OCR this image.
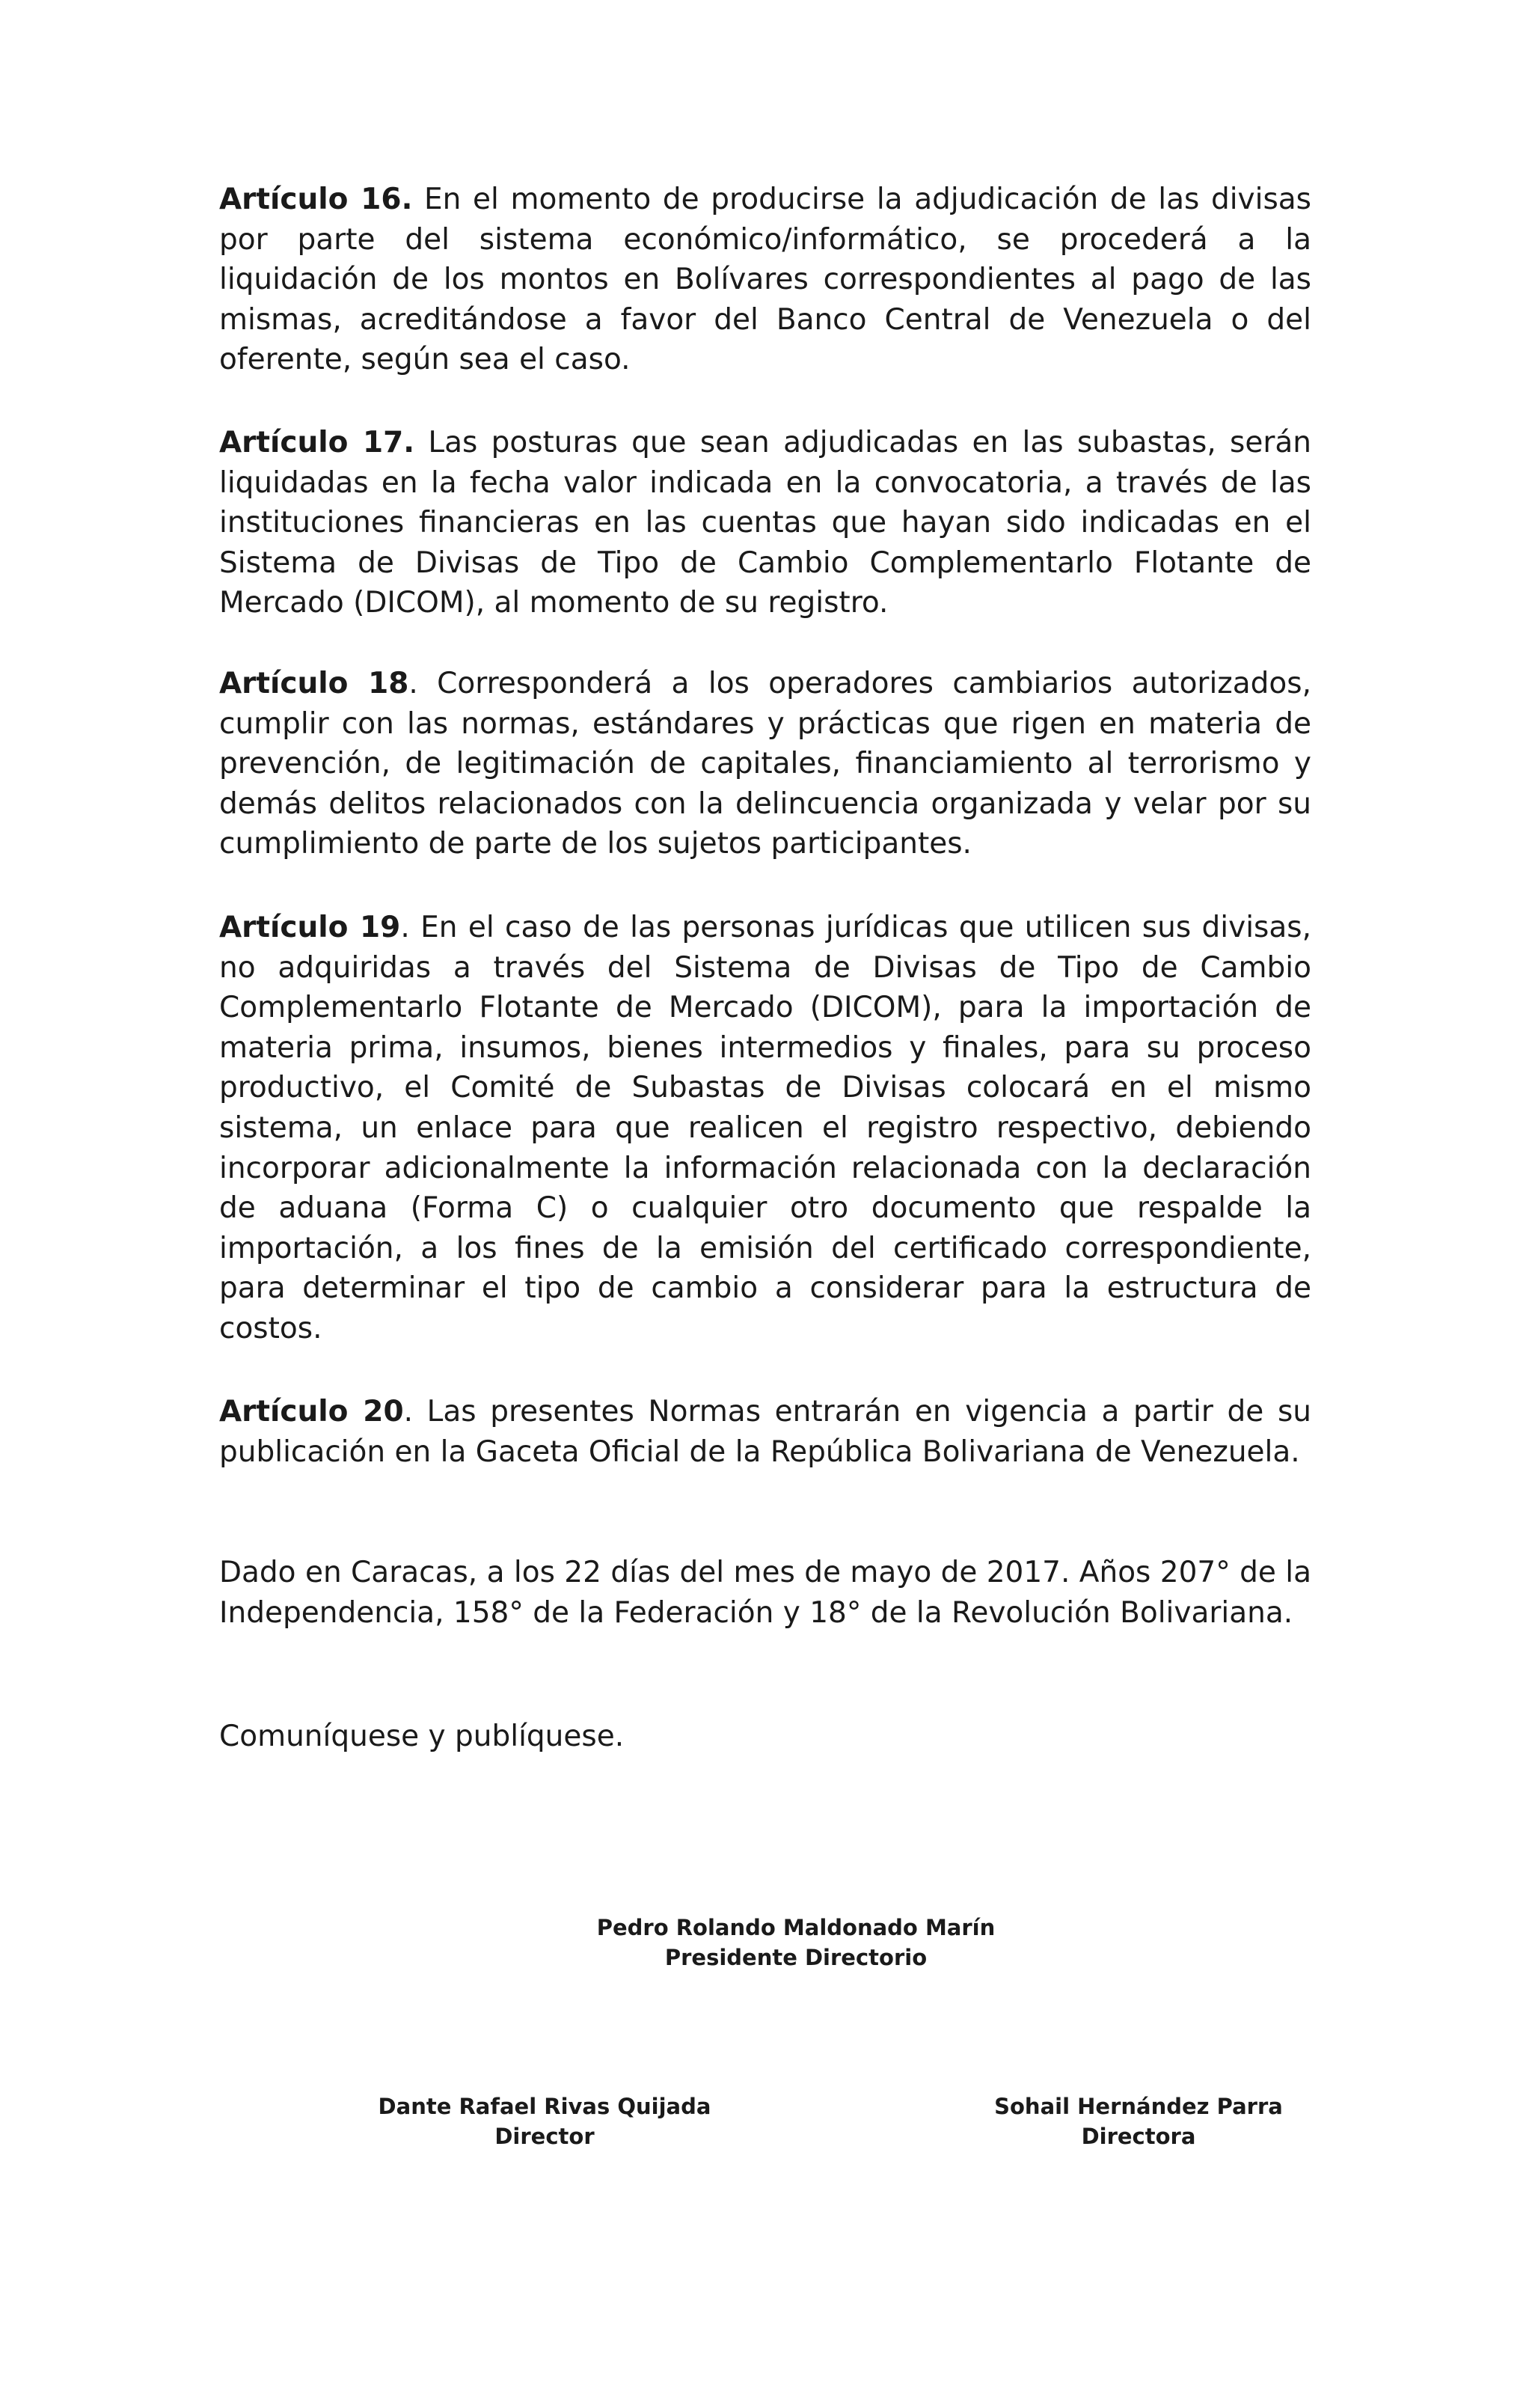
Artículo 16. En el momento de producirse la adjudicación de las divisas por parte del sistema económico/informático, se procederá a la liquidación de los montos en Bolívares correspondientes al pago de las mismas, acreditándose a favor del Banco Central de Venezuela o del oferente, según sea el caso.

Artículo 17. Las posturas que sean adjudicadas en las subastas, serán liquidadas en la fecha valor indicada en la convocatoria, a través de las instituciones financieras en las cuentas que hayan sido indicadas en el Sistema de Divisas de Tipo de Cambio Complementarlo Flotante de Mercado (DICOM), al momento de su registro.

Artículo 18. Corresponderá a los operadores cambiarios autorizados, cumplir con las normas, estándares y prácticas que rigen en materia de prevención, de legitimación de capitales, financiamiento al terrorismo y demás delitos relacionados con la delincuencia organizada y velar por su cumplimiento de parte de los sujetos participantes.

Artículo 19. En el caso de las personas jurídicas que utilicen sus divisas, no adquiridas a través del Sistema de Divisas de Tipo de Cambio Complementarlo Flotante de Mercado (DICOM), para la importación de materia prima, insumos, bienes intermedios y finales, para su proceso productivo, el Comité de Subastas de Divisas colocará en el mismo sistema, un enlace para que realicen el registro respectivo, debiendo incorporar adicionalmente la información relacionada con la declaración de aduana (Forma C) o cualquier otro documento que respalde la importación, a los fines de la emisión del certificado correspondiente, para determinar el tipo de cambio a considerar para la estructura de costos.

Artículo 20. Las presentes Normas entrarán en vigencia a partir de su publicación en la Gaceta Oficial de la República Bolivariana de Venezuela.

Dado en Caracas, a los 22 días del mes de mayo de 2017. Años 207° de la Independencia, 158° de la Federación y 18° de la Revolución Bolivariana.

Comuníquese y publíquese.

Pedro Rolando Maldonado Marín
Presidente Directorio
Dante Rafael Rivas Quijada
Director
Sohail Hernández Parra
Directora
